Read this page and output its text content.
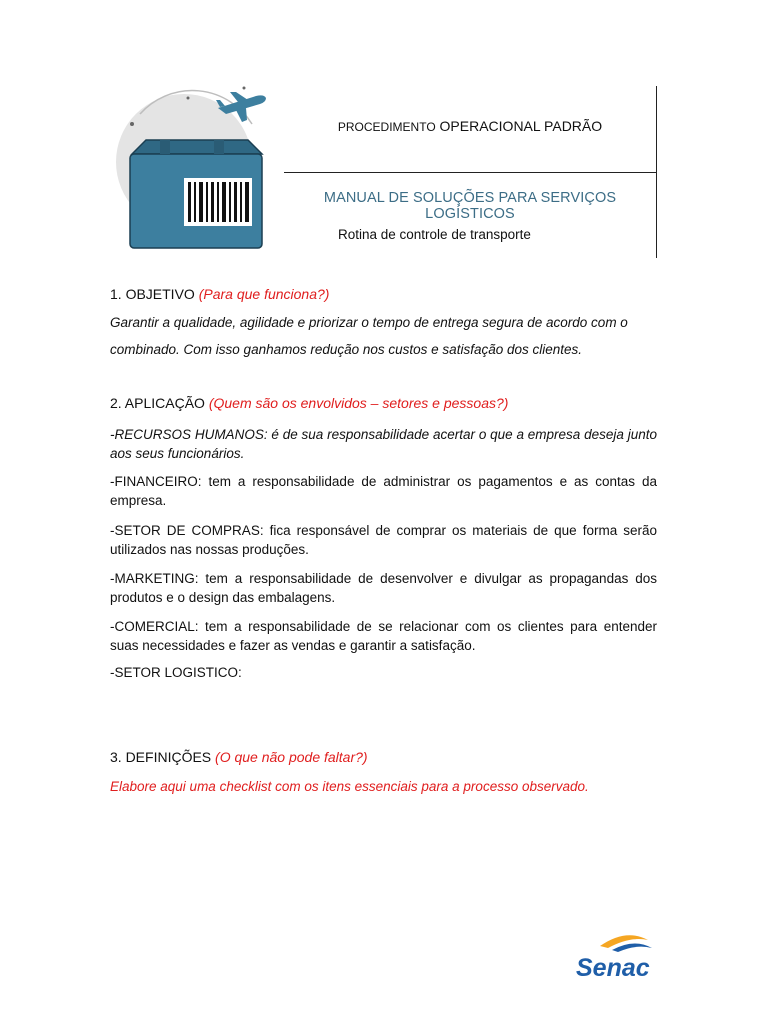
PROCEDIMENTO OPERACIONAL PADRÃO
MANUAL DE SOLUÇÕES PARA SERVIÇOS LOGÍSTICOS
Rotina de controle de transporte
1. OBJETIVO (Para que funciona?)
Garantir a qualidade, agilidade e priorizar o tempo de entrega segura de acordo com o
combinado. Com isso ganhamos redução nos custos e satisfação dos clientes.
2. APLICAÇÃO (Quem são os envolvidos – setores e pessoas?)
-RECURSOS HUMANOS: é de sua responsabilidade acertar o que a empresa deseja junto aos seus funcionários.
-FINANCEIRO: tem a responsabilidade de administrar os pagamentos e as contas da empresa.
-SETOR DE COMPRAS: fica responsável de comprar os materiais de que forma serão utilizados nas nossas produções.
-MARKETING: tem a responsabilidade de desenvolver e divulgar as propagandas dos produtos e o design das embalagens.
-COMERCIAL: tem a responsabilidade de se relacionar com os clientes para entender suas necessidades e fazer as vendas e garantir a satisfação.
-SETOR LOGISTICO:
3. DEFINIÇÕES (O que não pode faltar?)
Elabore aqui uma checklist com os itens essenciais para a processo observado.
Senac
